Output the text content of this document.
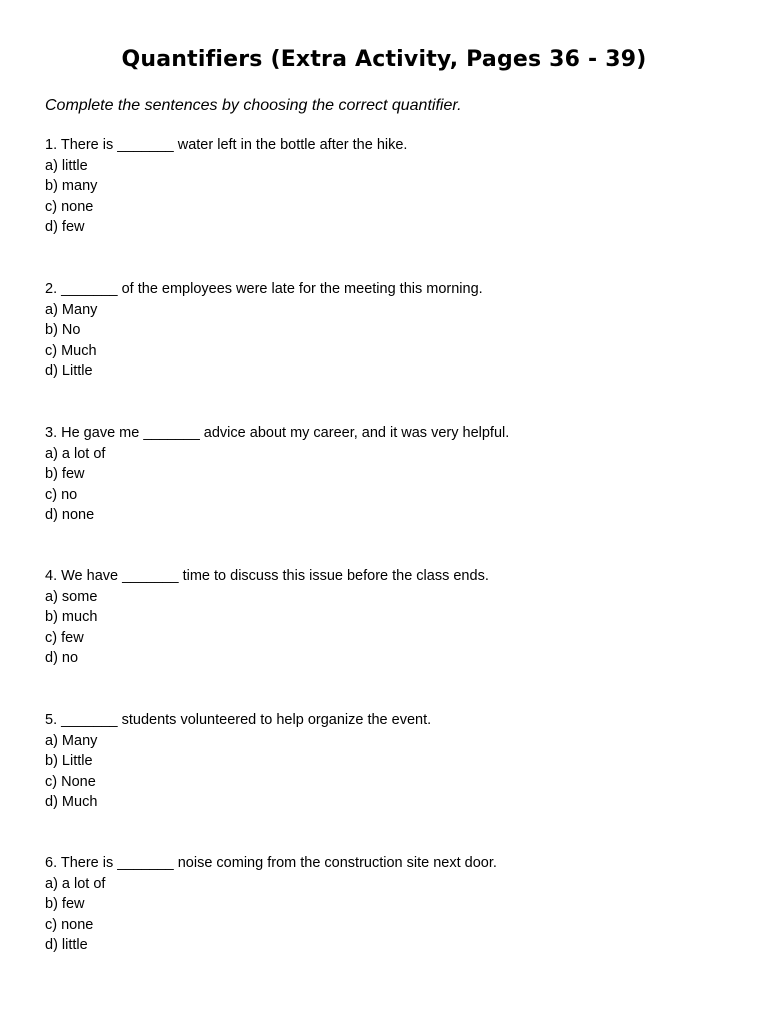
Quantifiers (Extra Activity, Pages 36 - 39)
Complete the sentences by choosing the correct quantifier.
1. There is _______ water left in the bottle after the hike.
a) little
b) many
c) none
d) few
2. _______ of the employees were late for the meeting this morning.
a) Many
b) No
c) Much
d) Little
3. He gave me _______ advice about my career, and it was very helpful.
a) a lot of
b) few
c) no
d) none
4. We have _______ time to discuss this issue before the class ends.
a) some
b) much
c) few
d) no
5. _______ students volunteered to help organize the event.
a) Many
b) Little
c) None
d) Much
6. There is _______ noise coming from the construction site next door.
a) a lot of
b) few
c) none
d) little
